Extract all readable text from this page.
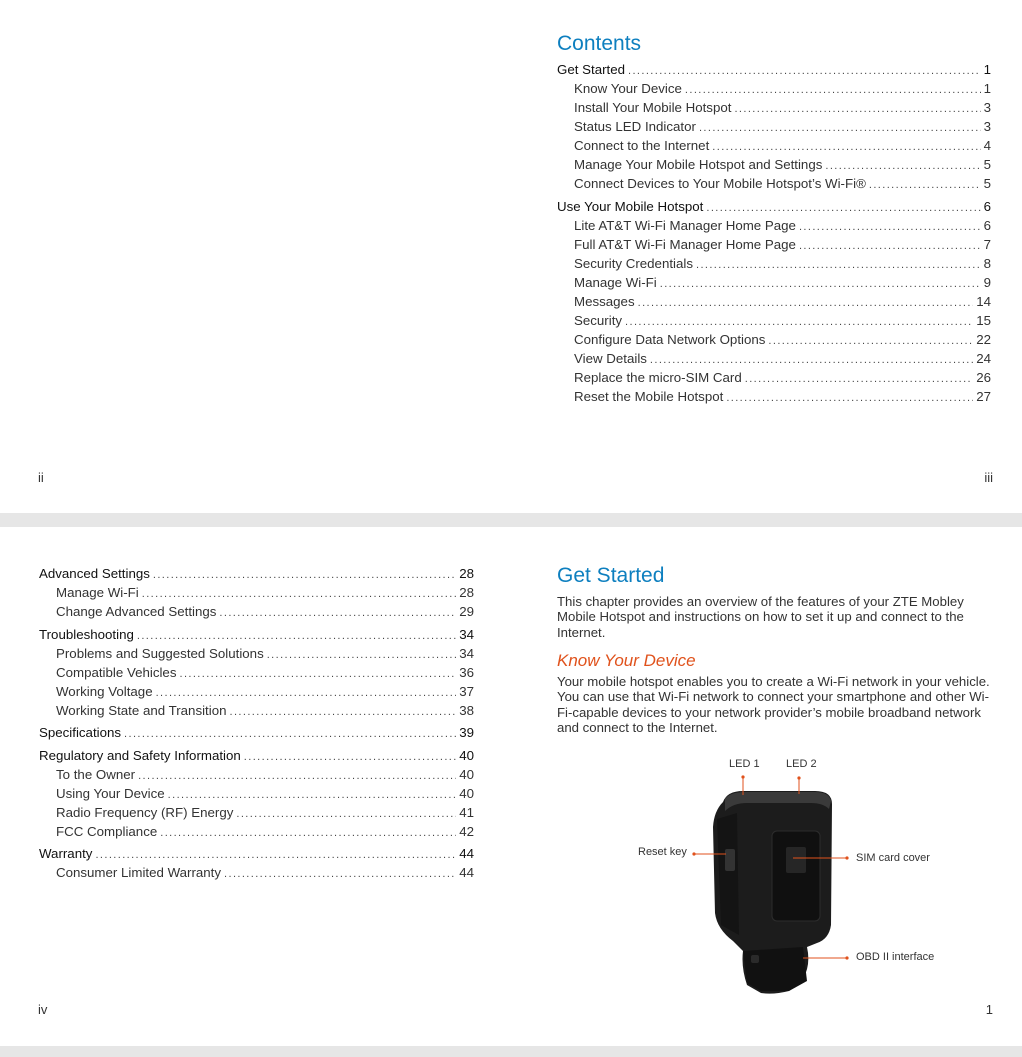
ii
Contents
Get Started .....	1
Know Your Device .....	1
Install Your Mobile Hotspot .....	3
Status LED Indicator .....	3
Connect to the Internet .....	4
Manage Your Mobile Hotspot and Settings .....	5
Connect Devices to Your Mobile Hotspot’s Wi-Fi® .....	5
Use Your Mobile Hotspot .....	6
Lite AT&T Wi-Fi Manager Home Page .....	6
Full AT&T Wi-Fi Manager Home Page .....	7
Security Credentials .....	8
Manage Wi-Fi .....	9
Messages .....	14
Security .....	15
Configure Data Network Options .....	22
View Details .....	24
Replace the micro-SIM Card .....	26
Reset the Mobile Hotspot .....	27
iii
Advanced Settings .....	28
Manage Wi-Fi .....	28
Change Advanced Settings .....	29
Troubleshooting .....	34
Problems and Suggested Solutions .....	34
Compatible Vehicles .....	36
Working Voltage .....	37
Working State and Transition .....	38
Specifications .....	39
Regulatory and Safety Information .....	40
To the Owner .....	40
Using Your Device .....	40
Radio Frequency (RF) Energy .....	41
FCC Compliance .....	42
Warranty .....	44
Consumer Limited Warranty .....	44
iv
Get Started

This chapter provides an overview of the features of your ZTE Mobley Mobile Hotspot and instructions on how to set it up and connect to the Internet.

Know Your Device

Your mobile hotspot enables you to create a Wi-Fi network in your vehicle. You can use that Wi-Fi network to connect your smartphone and other Wi-Fi-capable devices to your network provider’s mobile broadband network and connect to the Internet.

LED 1 LED 2
Reset key	SIM card cover
OBD II interface
1
